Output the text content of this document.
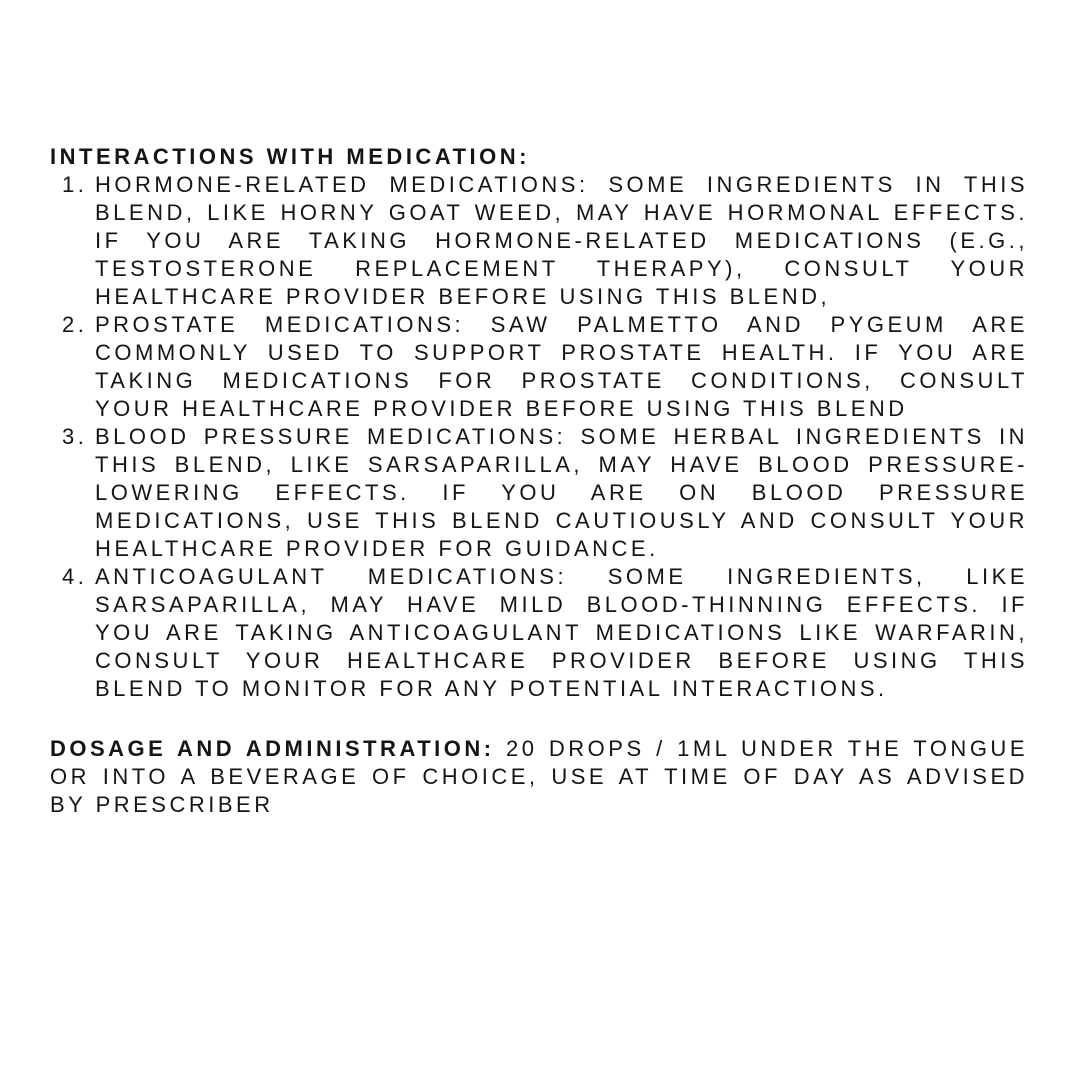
INTERACTIONS WITH MEDICATION:

1. HORMONE-RELATED MEDICATIONS: SOME INGREDIENTS IN THIS BLEND, LIKE HORNY GOAT WEED, MAY HAVE HORMONAL EFFECTS. IF YOU ARE TAKING HORMONE-RELATED MEDICATIONS (E.G., TESTOSTERONE REPLACEMENT THERAPY), CONSULT YOUR HEALTHCARE PROVIDER BEFORE USING THIS BLEND,
2. PROSTATE MEDICATIONS: SAW PALMETTO AND PYGEUM ARE COMMONLY USED TO SUPPORT PROSTATE HEALTH. IF YOU ARE TAKING MEDICATIONS FOR PROSTATE CONDITIONS, CONSULT YOUR HEALTHCARE PROVIDER BEFORE USING THIS BLEND
3. BLOOD PRESSURE MEDICATIONS: SOME HERBAL INGREDIENTS IN THIS BLEND, LIKE SARSAPARILLA, MAY HAVE BLOOD PRESSURE-LOWERING EFFECTS. IF YOU ARE ON BLOOD PRESSURE MEDICATIONS, USE THIS BLEND CAUTIOUSLY AND CONSULT YOUR HEALTHCARE PROVIDER FOR GUIDANCE.
4. ANTICOAGULANT MEDICATIONS: SOME INGREDIENTS, LIKE SARSAPARILLA, MAY HAVE MILD BLOOD-THINNING EFFECTS. IF YOU ARE TAKING ANTICOAGULANT MEDICATIONS LIKE WARFARIN, CONSULT YOUR HEALTHCARE PROVIDER BEFORE USING THIS BLEND TO MONITOR FOR ANY POTENTIAL INTERACTIONS.

DOSAGE AND ADMINISTRATION: 20 DROPS / 1ML UNDER THE TONGUE OR INTO A BEVERAGE OF CHOICE, USE AT TIME OF DAY AS ADVISED BY PRESCRIBER
